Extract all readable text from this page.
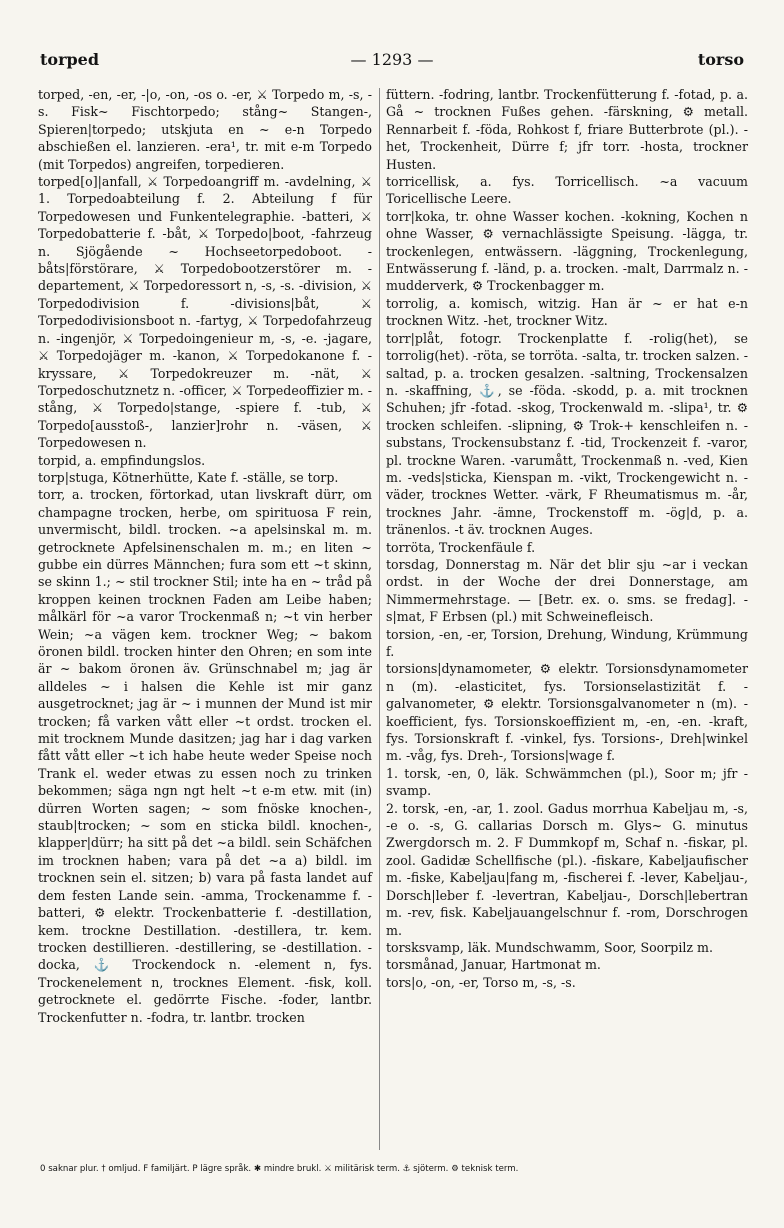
torped	— 1293 —	torso

torped, -en, -er, -|o, -on, -os o. -er, ⚔ Torpedo m, -s, -s. Fisk~ Fischtorpedo; stång~ Stangen-, Spieren|torpedo; utskjuta en ~ e-n Torpedo abschießen el. lanzieren. -era¹, tr. mit e-m Torpedo (mit Torpedos) angreifen, torpedieren.

torped[o]|anfall, ⚔ Torpedoangriff m. -avdelning, ⚔ 1. Torpedoabteilung f. 2. Abteilung f für Torpedowesen und Funkentelegraphie. -batteri, ⚔ Torpedobatterie f. -båt, ⚔ Torpedo|boot, -fahrzeug n. Sjögående ~ Hochseetorpedoboot. -båts|förstörare, ⚔ Torpedobootzerstörer m. -departement, ⚔ Torpedoressort n, -s, -s. -division, ⚔ Torpedodivision f. -divisions|båt, ⚔ Torpedodivisionsboot n. -fartyg, ⚔ Torpedofahrzeug n. -ingenjör, ⚔ Torpedoingenieur m, -s, -e. -jagare, ⚔ Torpedojäger m. -kanon, ⚔ Torpedokanone f. -kryssare, ⚔ Torpedokreuzer m. -nät, ⚔ Torpedoschutznetz n. -officer, ⚔ Torpedeoffizier m. -stång, ⚔ Torpedo|stange, -spiere f. -tub, ⚔ Torpedo[ausstoß-, lanzier]rohr n. -väsen, ⚔ Torpedowesen n.

torpid, a. empfindungslos.

torp|stuga, Kötnerhütte, Kate f. -ställe, se torp.

torr, a. trocken, förtorkad, utan livskraft dürr, om champagne trocken, herbe, om spirituosa F rein, unvermischt, bildl. trocken. ~a apelsinskal m. m. getrocknete Apfelsinenschalen m. m.; en liten ~ gubbe ein dürres Männchen; fura som ett ~t skinn, se skinn 1.; ~ stil trockner Stil; inte ha en ~ tråd på kroppen keinen trocknen Faden am Leibe haben; målkärl för ~a varor Trockenmaß n; ~t vin herber Wein; ~a vägen kem. trockner Weg; ~ bakom öronen bildl. trocken hinter den Ohren; en som inte är ~ bakom öronen äv. Grünschnabel m; jag är alldeles ~ i halsen die Kehle ist mir ganz ausgetrocknet; jag är ~ i munnen der Mund ist mir trocken; få varken vått eller ~t ordst. trocken el. mit trocknem Munde dasitzen; jag har i dag varken fått vått eller ~t ich habe heute weder Speise noch Trank el. weder etwas zu essen noch zu trinken bekommen; säga ngn ngt helt ~t e-m etw. mit (in) dürren Worten sagen; ~ som fnöske knochen-, staub|trocken; ~ som en sticka bildl. knochen-, klapper|dürr; ha sitt på det ~a bildl. sein Schäfchen im trocknen haben; vara på det ~a a) bildl. im trocknen sein el. sitzen; b) vara på fasta landet auf dem festen Lande sein. -amma, Trockenamme f. -batteri, ⚙ elektr. Trockenbatterie f. -destillation, kem. trockne Destillation. -destillera, tr. kem. trocken destillieren. -destillering, se -destillation. -docka, ⚓ Trockendock n. -element n, fys. Trockenelement n, trocknes Element. -fisk, koll. getrocknete el. gedörrte Fische. -foder, lantbr. Trockenfutter n. -fodra, tr. lantbr. trocken

füttern. -fodring, lantbr. Trockenfütterung f. -fotad, p. a. Gå ~ trocknen Fußes gehen. -färskning, ⚙ metall. Rennarbeit f. -föda, Rohkost f, friare Butterbrote (pl.). -het, Trockenheit, Dürre f; jfr torr. -hosta, trockner Husten.

torricellisk, a. fys. Torricellisch. ~a vacuum Toricellische Leere.

torr|koka, tr. ohne Wasser kochen. -kokning, Kochen n ohne Wasser, ⚙ vernachlässigte Speisung. -lägga, tr. trockenlegen, entwässern. -läggning, Trockenlegung, Entwässerung f. -länd, p. a. trocken. -malt, Darrmalz n. -mudderverk, ⚙ Trockenbagger m.

torrolig, a. komisch, witzig. Han är ~ er hat e-n trocknen Witz. -het, trockner Witz.

torr|plåt, fotogr. Trockenplatte f. -rolig(het), se torrolig(het). -röta, se torröta. -salta, tr. trocken salzen. -saltad, p. a. trocken gesalzen. -saltning, Trockensalzen n. -skaffning, ⚓, se -föda. -skodd, p. a. mit trocknen Schuhen; jfr -fotad. -skog, Trockenwald m. -slipa¹, tr. ⚙ trocken schleifen. -slipning, ⚙ Trok-+ kenschleifen n. -substans, Trockensubstanz f. -tid, Trockenzeit f. -varor, pl. trockne Waren. -varumått, Trockenmaß n. -ved, Kien m. -veds|sticka, Kienspan m. -vikt, Trockengewicht n. -väder, trocknes Wetter. -värk, F Rheumatismus m. -år, trocknes Jahr. -ämne, Trockenstoff m. -ög|d, p. a. tränenlos. -t äv. trocknen Auges.

torröta, Trockenfäule f.

torsdag, Donnerstag m. När det blir sju ~ar i veckan ordst. in der Woche der drei Donnerstage, am Nimmermehrstage. — [Betr. ex. o. sms. se fredag]. -s|mat, F Erbsen (pl.) mit Schweinefleisch.

torsion, -en, -er, Torsion, Drehung, Windung, Krümmung f.

torsions|dynamometer, ⚙ elektr. Torsionsdynamometer n (m). -elasticitet, fys. Torsionselastizität f. -galvanometer, ⚙ elektr. Torsionsgalvanometer n (m). -koefficient, fys. Torsionskoeffizient m, -en, -en. -kraft, fys. Torsionskraft f. -vinkel, fys. Torsions-, Dreh|winkel m. -våg, fys. Dreh-, Torsions|wage f.

1. torsk, -en, 0, läk. Schwämmchen (pl.), Soor m; jfr -svamp.

2. torsk, -en, -ar, 1. zool. Gadus morrhua Kabeljau m, -s, -e o. -s, G. callarias Dorsch m. Glys~ G. minutus Zwergdorsch m. 2. F Dummkopf m, Schaf n. -fiskar, pl. zool. Gadidæ Schellfische (pl.). -fiskare, Kabeljaufischer m. -fiske, Kabeljau|fang m, -fischerei f. -lever, Kabeljau-, Dorsch|leber f. -levertran, Kabeljau-, Dorsch|lebertran m. -rev, fisk. Kabeljauangelschnur f. -rom, Dorschrogen m.

torsksvamp, läk. Mundschwamm, Soor, Soorpilz m.

torsmånad, Januar, Hartmonat m.

tors|o, -on, -er, Torso m, -s, -s.

0 saknar plur. † omljud. F familjärt. P lägre språk. ✱ mindre brukl. ⚔ militärisk term. ⚓ sjöterm. ⚙ teknisk term.
